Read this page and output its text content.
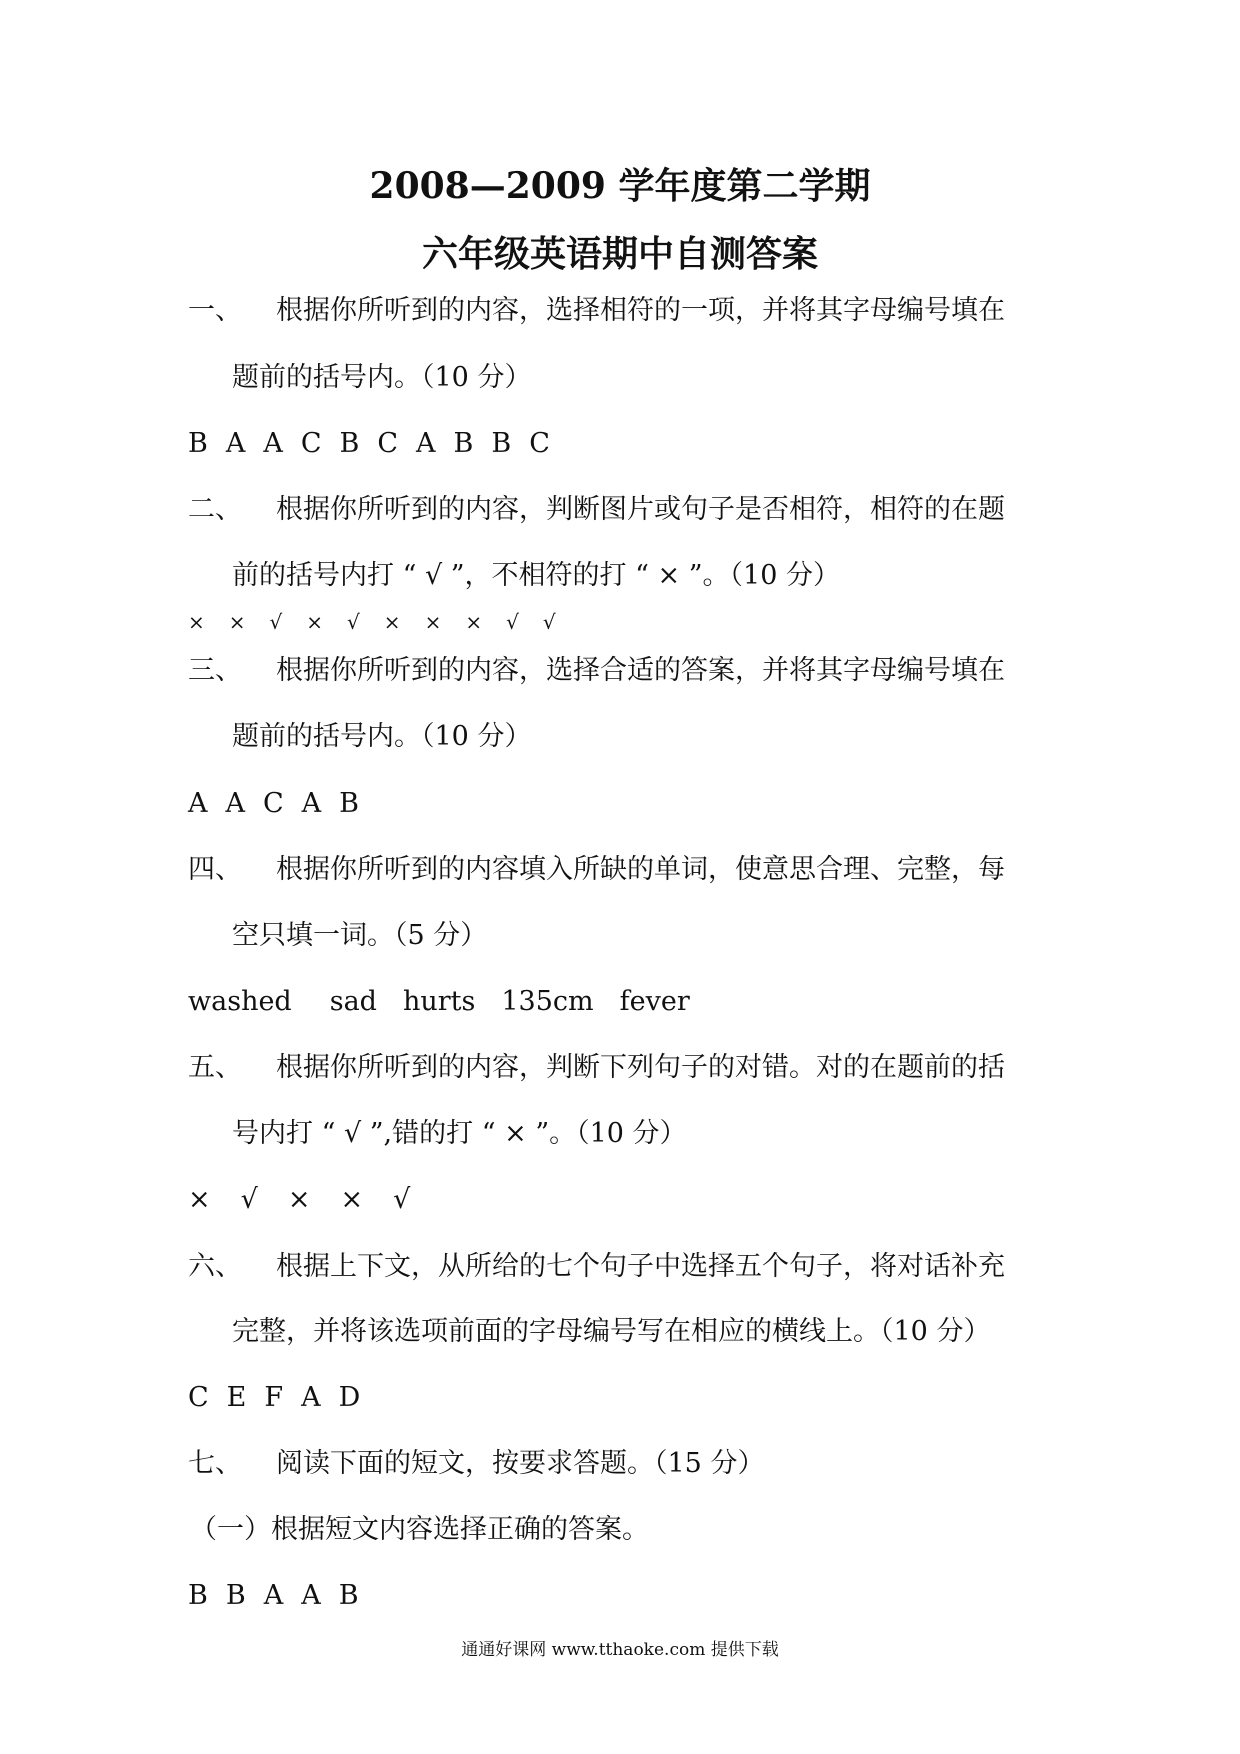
2008—2009 学年度第二学期
六年级英语期中自测答案
一、 根据你所听到的内容，选择相符的一项，并将其字母编号填在
题前的括号内。（10 分）
B A A C B C A B B C
二、 根据你所听到的内容，判断图片或句子是否相符，相符的在题
前的括号内打 “ √ ”，不相符的打 “ × ”。（10 分）
× × √ × √ × × × √ √
三、 根据你所听到的内容，选择合适的答案，并将其字母编号填在
题前的括号内。（10 分）
A A C A B
四、 根据你所听到的内容填入所缺的单词，使意思合理、完整，每
空只填一词。（5 分）
washed sad hurts 135cm fever
五、 根据你所听到的内容，判断下列句子的对错。对的在题前的括
号内打 “ √ ”,错的打 “ × ”。（10 分）
× √ × × √
六、 根据上下文，从所给的七个句子中选择五个句子，将对话补充
完整，并将该选项前面的字母编号写在相应的横线上。（10 分）
C E F A D
七、 阅读下面的短文，按要求答题。（15 分）
（一）根据短文内容选择正确的答案。
B B A A B
通通好课网 www.tthaoke.com 提供下载
